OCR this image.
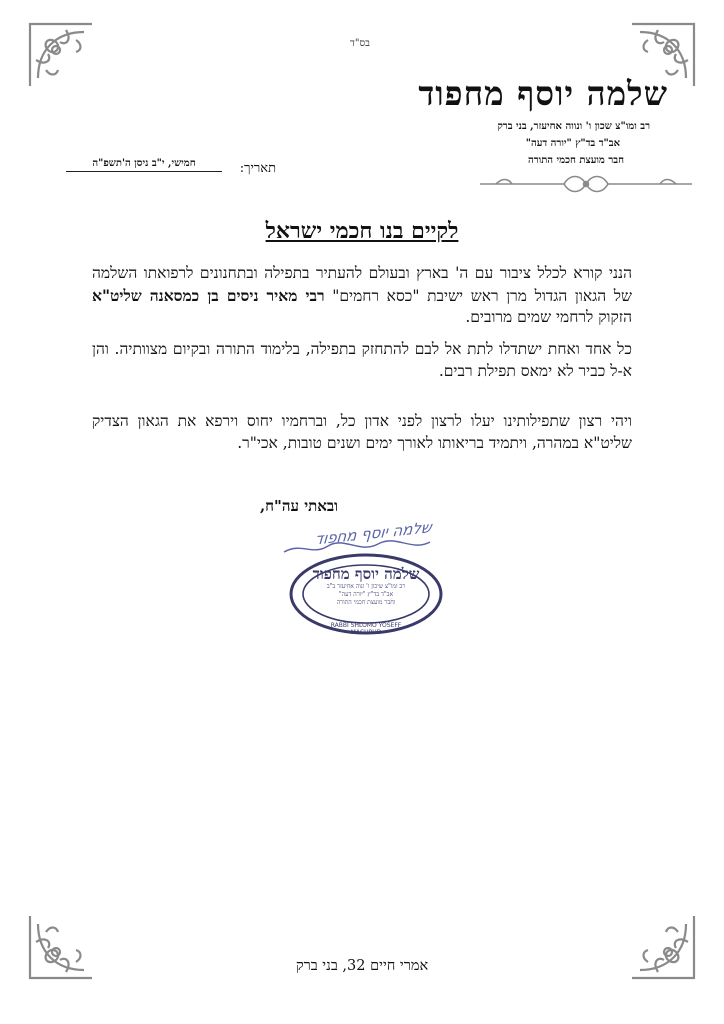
בס"ד
שלמה יוסף מחפוד
רב ומו"צ שכון ו' ונווה אחיעזר, בני ברק
אב"ד בד"ץ "יורה דעה"
חבר מועצת חכמי התורה
תאריך:
חמישי, י"ב ניסן ה'תשפ"ה
לקיים בנו חכמי ישראל

הנני קורא לכלל ציבור עם ה' בארץ ובעולם להעתיר בתפילה ובתחנונים לרפואתו השלמה של הגאון הגדול מרן ראש ישיבת "כסא רחמים" רבי מאיר ניסים בן כמסאנה שליט"א הזקוק לרחמי שמים מרובים.

כל אחד ואחת ישתדלו לתת אל לבם להתחזק בתפילה, בלימוד התורה ובקיום מצוותיה. והן א-ל כביר לא ימאס תפילת רבים.

ויהי רצון שתפילותינו יעלו לרצון לפני אדון כל, וברחמיו יחוס וירפא את הגאון הצדיק שליט"א במהרה, ויתמיד בריאותו לאורך ימים ושנים טובות, אכי"ר.

ובאתי עה"ח,
שלמה יוסף מחפוד
שלמה יוסף מחפוד
רב ומו"צ שיכון ו' ונוה אחיעזר ב"ב
אב"ד בד"ץ "יורה דעה"
וחבר מועצת חכמי התורה
RABBI SHLOMO YOSEFF MACHPUD
אמרי חיים 32, בני ברק
